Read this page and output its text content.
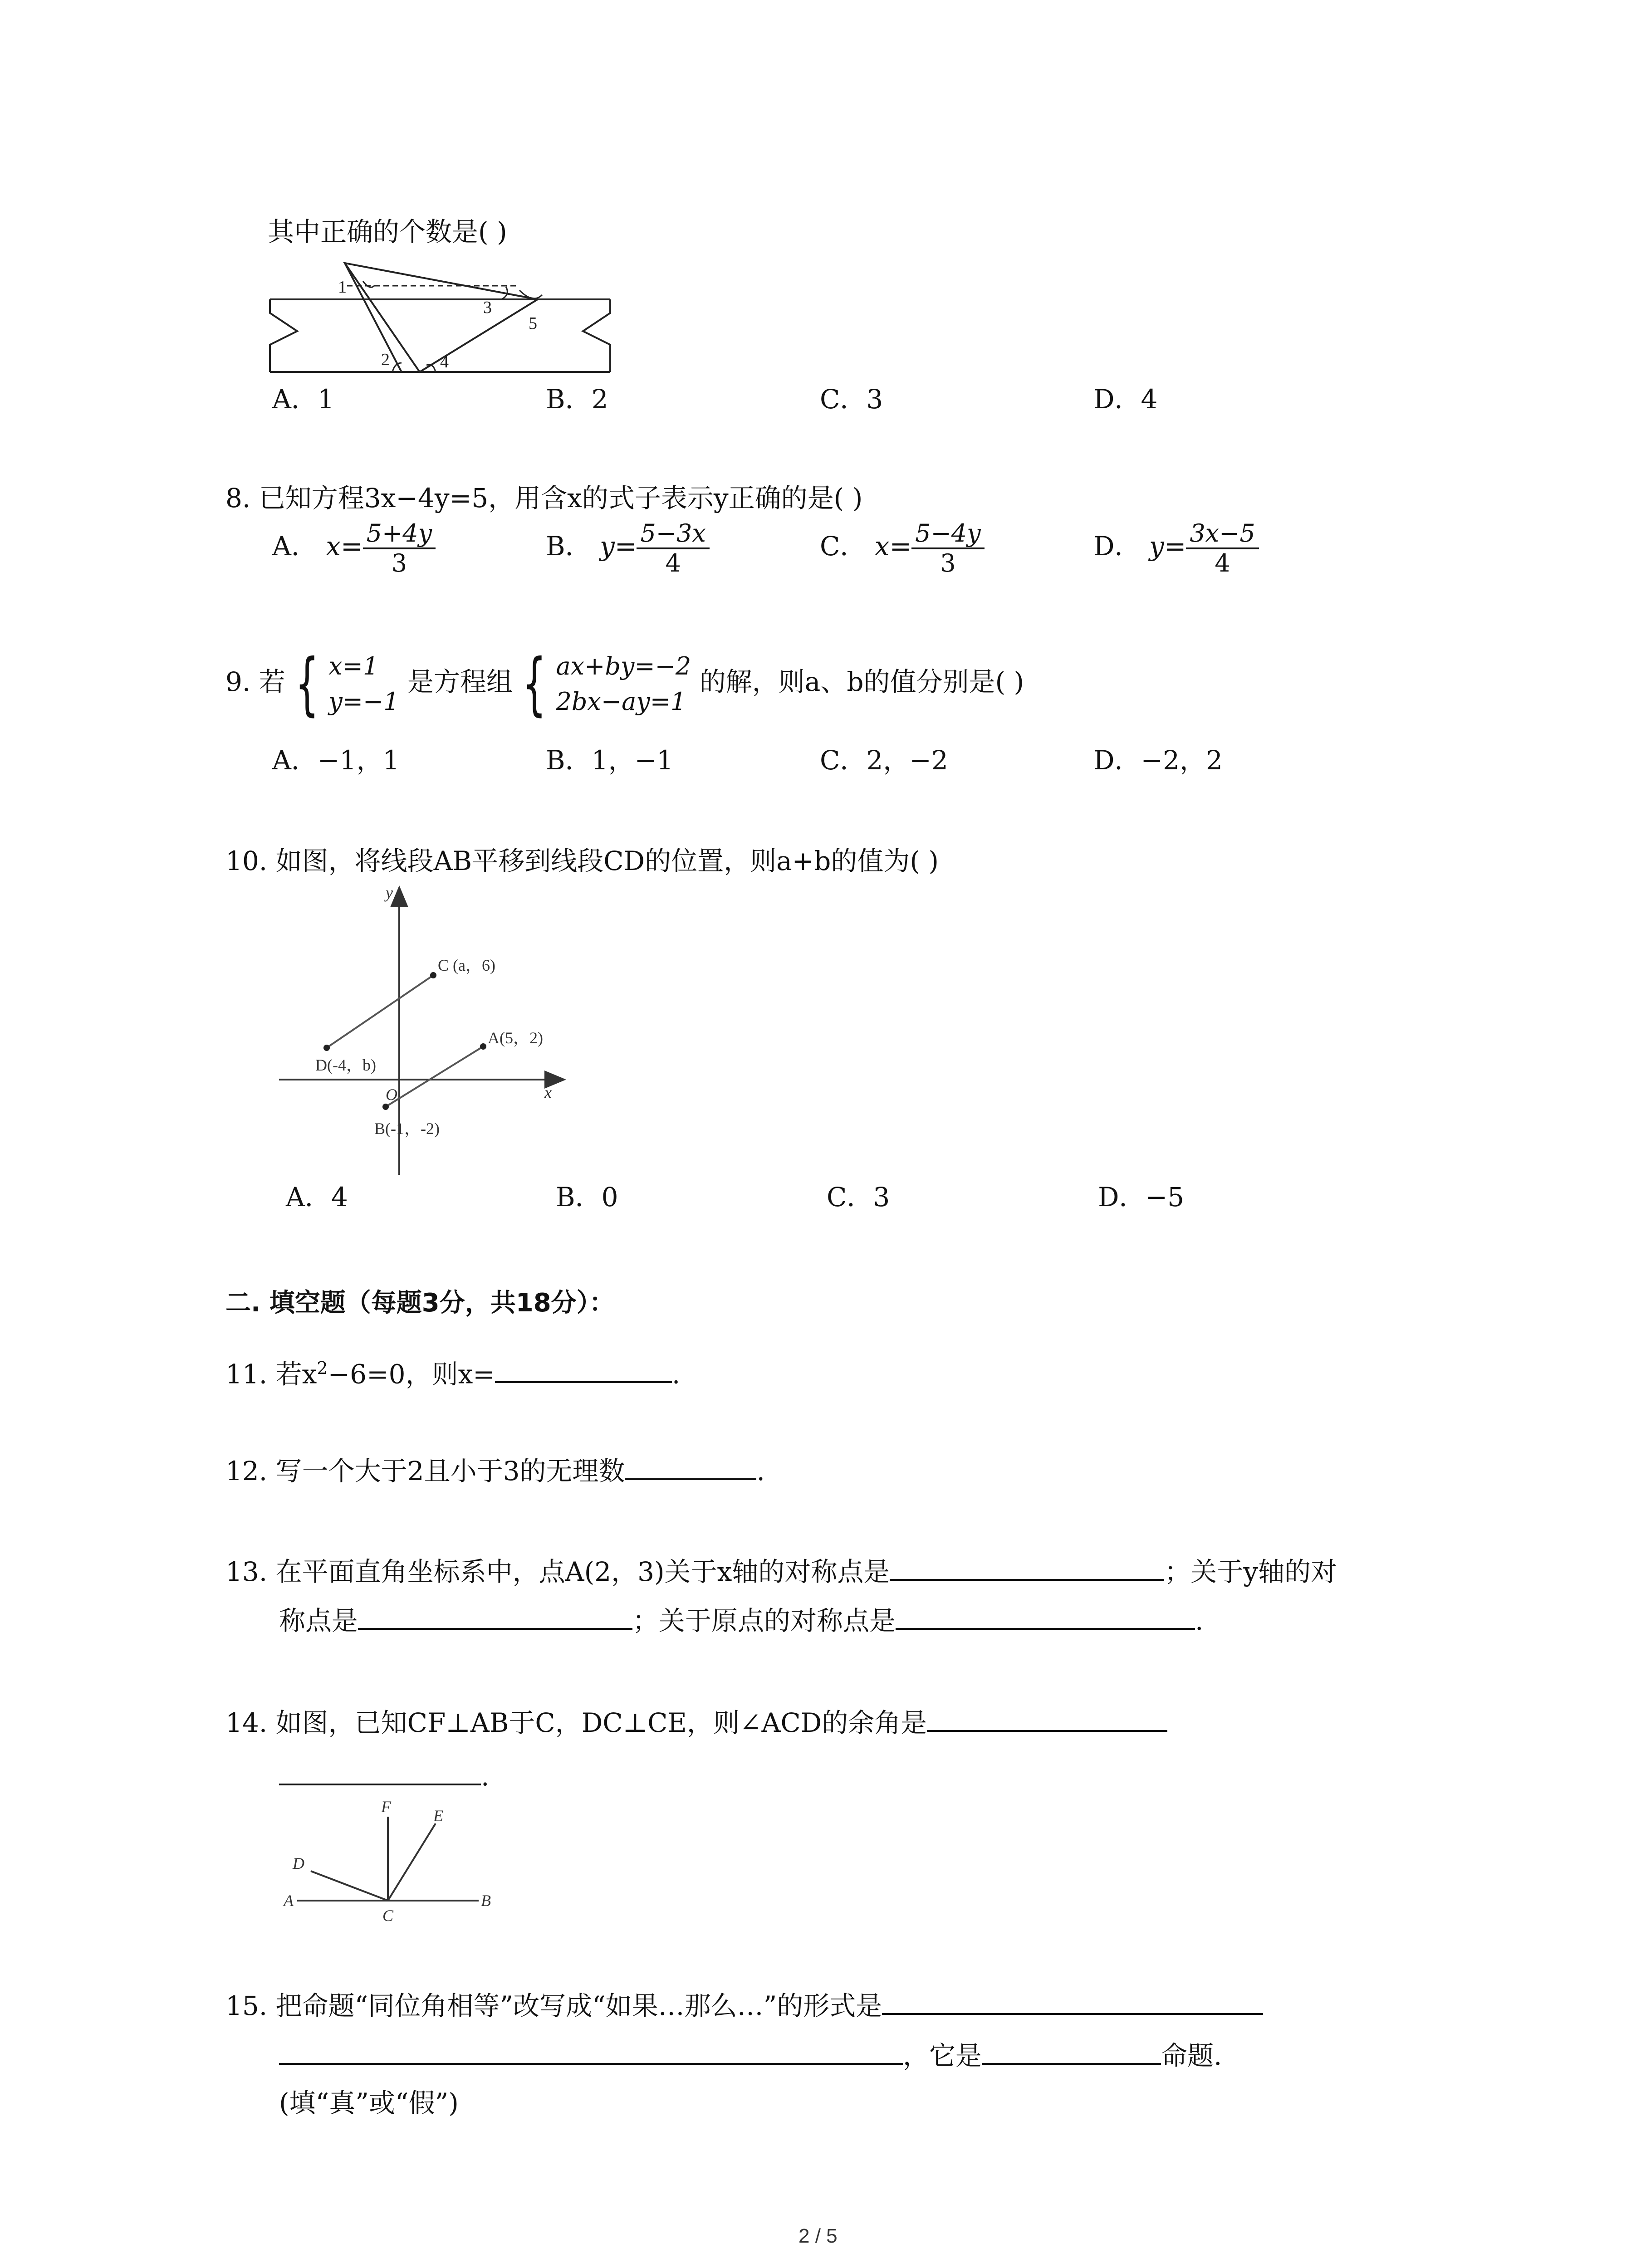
其中正确的个数是( )
1
2
3
4
5
A．1	B．2	C．3	D．4
8. 已知方程3x−4y=5，用含x的式子表示y正确的是( )
A． $x= \frac{5+4y}{3}$	B． $y= \frac{5-3x}{4}$	C． $x= \frac{5-4y}{3}$	D． $y= \frac{3x-5}{4}$
9. 若 { x=1
y=−1 是方程组 { ax+by=−2
2bx−ay=1 的解，则a、b的值分别是( )
A．−1，1	B．1，−1	C．2，−2	D．−2，2
10. 如图，将线段AB平移到线段CD的位置，则a+b的值为( )
y
x
O
C (a，6)
D(-4，b)
A(5，2)
B(-1，-2)
A．4	B．0	C．3	D．−5
二. 填空题（每题3分，共18分）：
11. 若$x^2-6=0$，则x=	.
12. 写一个大于2且小于3的无理数	.
13. 在平面直角坐标系中，点A(2，3)关于x轴的对称点是	；关于y轴的对
称点是	；关于原点的对称点是	.
14. 如图，已知CF⊥AB于C，DC⊥CE，则∠ACD的余角是
.
F	E
D
A
C
B
15. 把命题“同位角相等”改写成“如果…那么…”的形式是
，它是	命题.
(填“真”或“假”)
2 / 5
